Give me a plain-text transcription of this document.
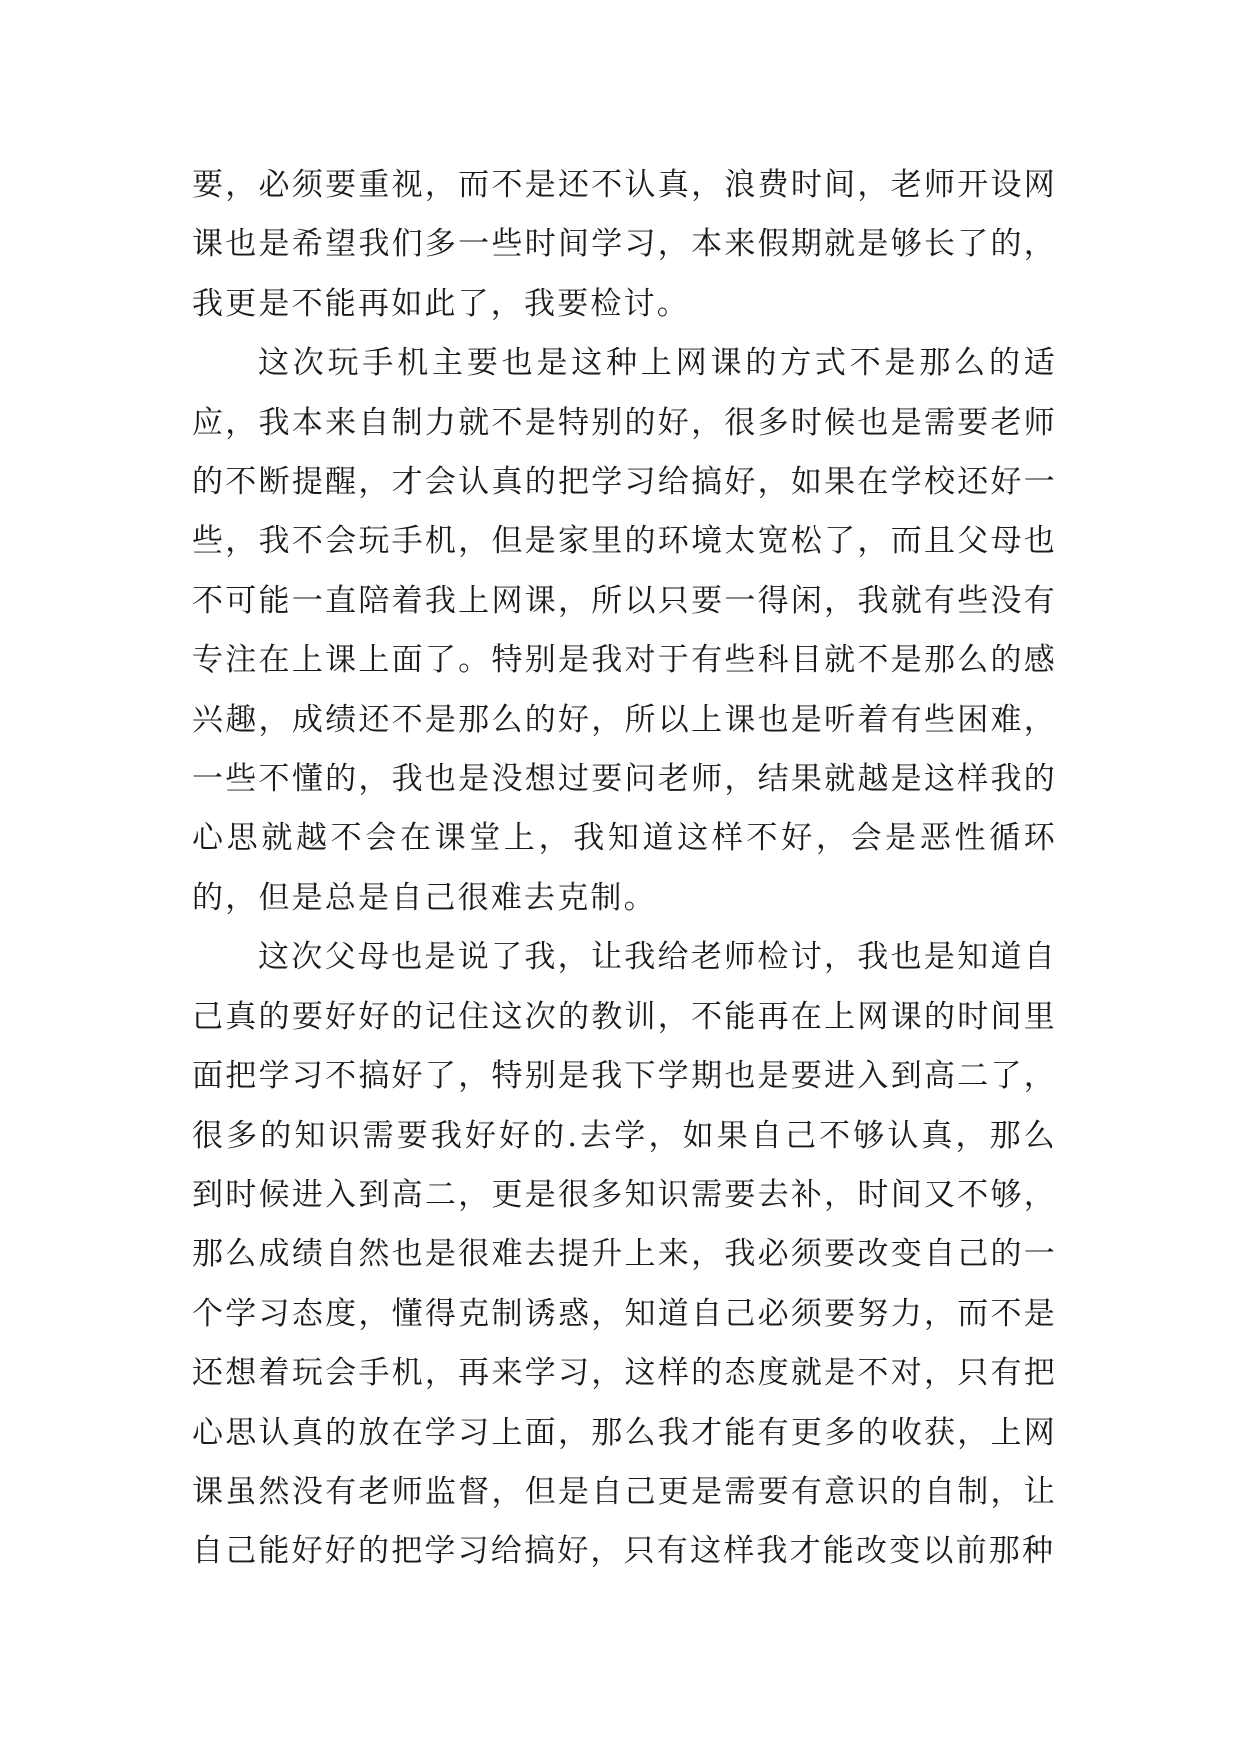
要，必须要重视，而不是还不认真，浪费时间，老师开设网课也是希望我们多一些时间学习，本来假期就是够长了的，我更是不能再如此了，我要检讨。

这次玩手机主要也是这种上网课的方式不是那么的适应，我本来自制力就不是特别的好，很多时候也是需要老师的不断提醒，才会认真的把学习给搞好，如果在学校还好一些，我不会玩手机，但是家里的环境太宽松了，而且父母也不可能一直陪着我上网课，所以只要一得闲，我就有些没有专注在上课上面了。特别是我对于有些科目就不是那么的感兴趣，成绩还不是那么的好，所以上课也是听着有些困难，一些不懂的，我也是没想过要问老师，结果就越是这样我的心思就越不会在课堂上，我知道这样不好，会是恶性循环的，但是总是自己很难去克制。

这次父母也是说了我，让我给老师检讨，我也是知道自己真的要好好的记住这次的教训，不能再在上网课的时间里面把学习不搞好了，特别是我下学期也是要进入到高二了，很多的知识需要我好好的.去学，如果自己不够认真，那么到时候进入到高二，更是很多知识需要去补，时间又不够，那么成绩自然也是很难去提升上来，我必须要改变自己的一个学习态度，懂得克制诱惑，知道自己必须要努力，而不是还想着玩会手机，再来学习，这样的态度就是不对，只有把心思认真的放在学习上面，那么我才能有更多的收获，上网课虽然没有老师监督，但是自己更是需要有意识的自制，让自己能好好的把学习给搞好，只有这样我才能改变以前那种
